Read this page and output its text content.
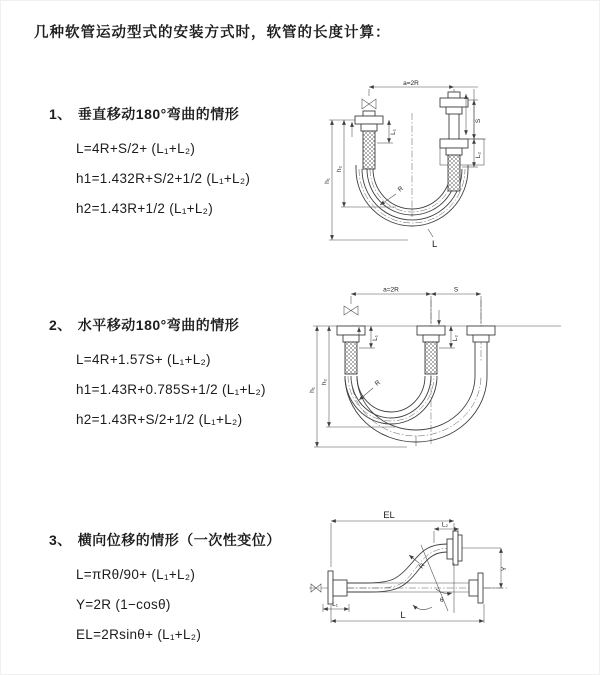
几种软管运动型式的安装方式时，软管的长度计算：
1、 垂直移动180°弯曲的情形
L=4R+S/2+ (L₁+L₂)
h1=1.432R+S/2+1/2 (L₁+L₂)
h2=1.43R+1/2 (L₁+L₂)
2、 水平移动180°弯曲的情形
L=4R+1.57S+ (L₁+L₂)
h1=1.43R+0.785S+1/2 (L₁+L₂)
h2=1.43R+S/2+1/2 (L₁+L₂)
3、 横向位移的情形（一次性变位）
L=πRθ/90+ (L₁+L₂)
Y=2R (1−cosθ)
EL=2Rsinθ+ (L₁+L₂)
a=2R
S
L₂
h₁
h₂
L₁
R
L
a=2R	S
h₁
h₂
L₁	L₂
R
EL
L₂
Y
L
L₁
θ
R
